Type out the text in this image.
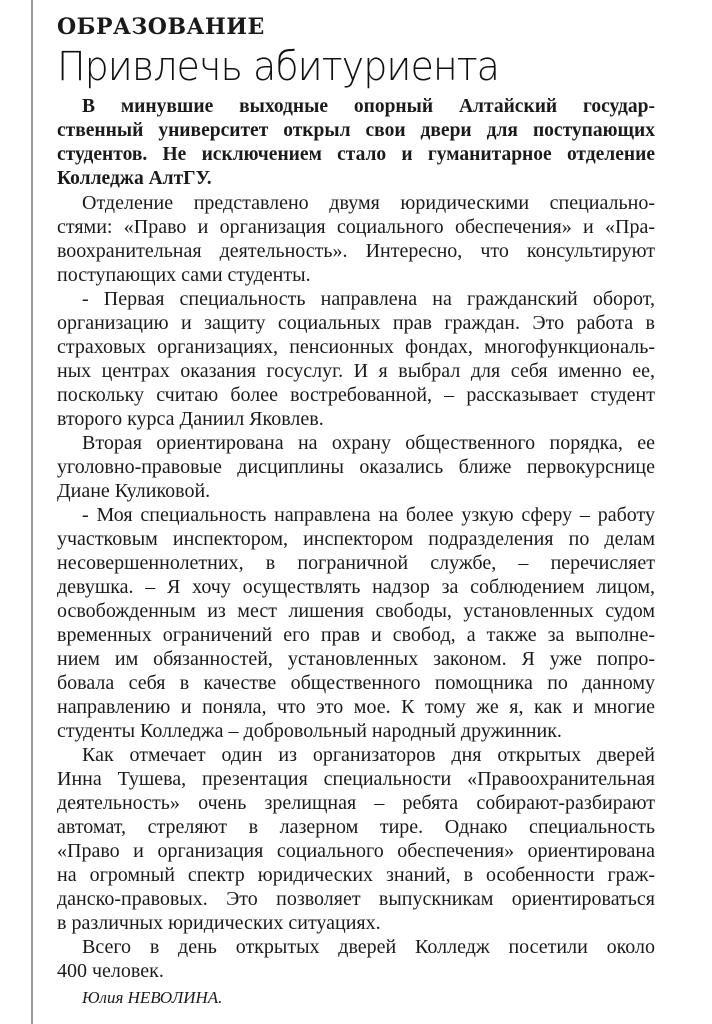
ОБРАЗОВАНИЕ
Привлечь абитуриента
В минувшие выходные опорный Алтайский государ-
ственный университет открыл свои двери для поступающих
студентов. Не исключением стало и гуманитарное отделение
Колледжа АлтГУ.
Отделение представлено двумя юридическими специально-
стями: «Право и организация социального обеспечения» и «Пра-
воохранительная деятельность». Интересно, что консультируют
поступающих сами студенты.
- Первая специальность направлена на гражданский оборот,
организацию и защиту социальных прав граждан. Это работа в
страховых организациях, пенсионных фондах, многофункциональ-
ных центрах оказания госуслуг. И я выбрал для себя именно ее,
поскольку считаю более востребованной, – рассказывает студент
второго курса Даниил Яковлев.
Вторая ориентирована на охрану общественного порядка, ее
уголовно-правовые дисциплины оказались ближе первокурснице
Диане Куликовой.
- Моя специальность направлена на более узкую сферу – работу
участковым инспектором, инспектором подразделения по делам
несовершеннолетних, в пограничной службе, – перечисляет
девушка. – Я хочу осуществлять надзор за соблюдением лицом,
освобожденным из мест лишения свободы, установленных судом
временных ограничений его прав и свобод, а также за выполне-
нием им обязанностей, установленных законом. Я уже попро-
бовала себя в качестве общественного помощника по данному
направлению и поняла, что это мое. К тому же я, как и многие
студенты Колледжа – добровольный народный дружинник.
Как отмечает один из организаторов дня открытых дверей
Инна Тушева, презентация специальности «Правоохранительная
деятельность» очень зрелищная – ребята собирают-разбирают
автомат, стреляют в лазерном тире. Однако специальность
«Право и организация социального обеспечения» ориентирована
на огромный спектр юридических знаний, в особенности граж-
данско-правовых. Это позволяет выпускникам ориентироваться
в различных юридических ситуациях.
Всего в день открытых дверей Колледж посетили около
400 человек.
Юлия НЕВОЛИНА.
